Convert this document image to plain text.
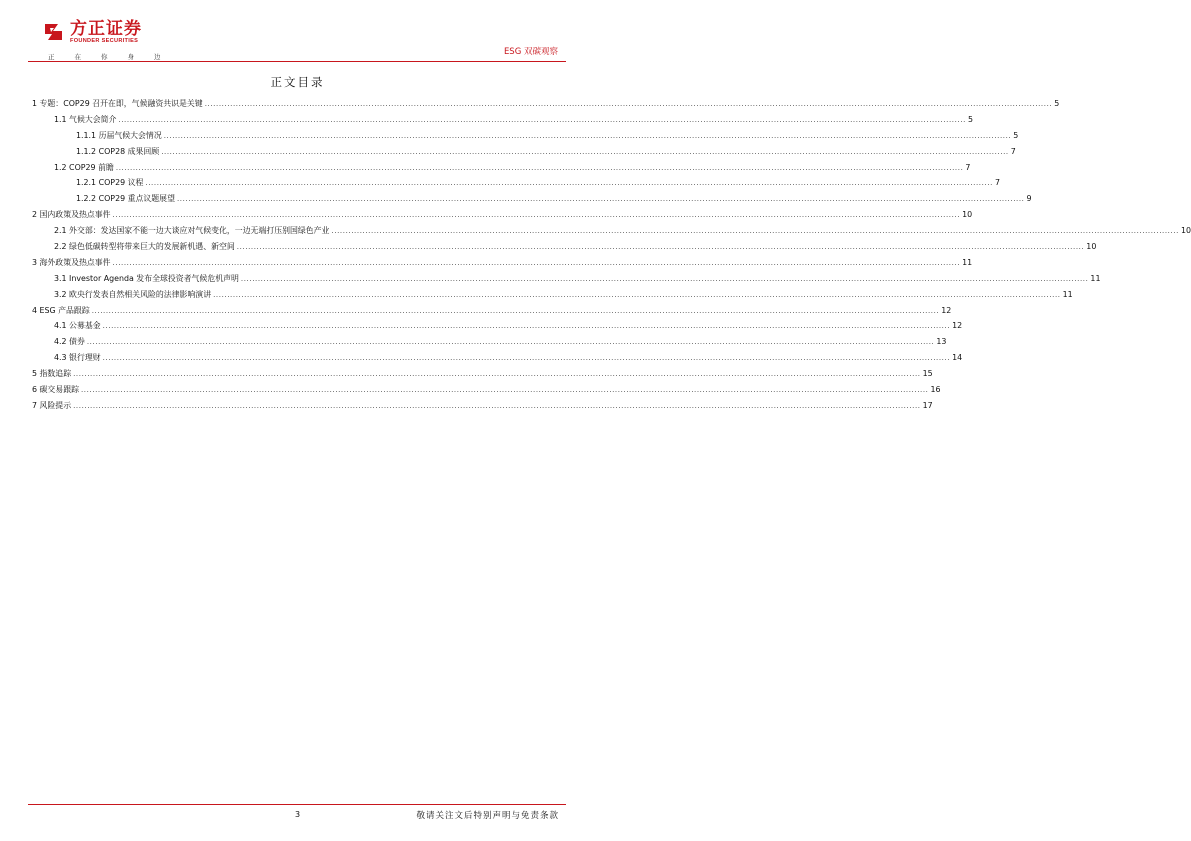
方正证券
FOUNDER SECURITIES
正	在	你	身	边	ESG 双碳观察
正文目录
1 专题：COP29 召开在即，气候融资共识是关键 ............................................................................................................................................................................................................................................................................................................ 5
1.1 气候大会简介 ............................................................................................................................................................................................................................................................................................................ 5
1.1.1 历届气候大会情况 ............................................................................................................................................................................................................................................................................................................ 5
1.1.2 COP28 成果回顾 ............................................................................................................................................................................................................................................................................................................ 7
1.2 COP29 前瞻 ............................................................................................................................................................................................................................................................................................................ 7
1.2.1 COP29 议程 ............................................................................................................................................................................................................................................................................................................ 7
1.2.2 COP29 重点议题展望 ............................................................................................................................................................................................................................................................................................................ 9
2 国内政策及热点事件 ............................................................................................................................................................................................................................................................................................................ 10
2.1 外交部：发达国家不能一边大谈应对气候变化，一边无端打压别国绿色产业 ............................................................................................................................................................................................................................................................................................................ 10
2.2 绿色低碳转型将带来巨大的发展新机遇、新空间 ............................................................................................................................................................................................................................................................................................................ 10
3 海外政策及热点事件 ............................................................................................................................................................................................................................................................................................................ 11
3.1 Investor Agenda 发布全球投资者气候危机声明 ............................................................................................................................................................................................................................................................................................................ 11
3.2 欧央行发表自然相关风险的法律影响演讲 ............................................................................................................................................................................................................................................................................................................ 11
4 ESG 产品跟踪 ............................................................................................................................................................................................................................................................................................................ 12
4.1 公募基金 ............................................................................................................................................................................................................................................................................................................ 12
4.2 债券 ............................................................................................................................................................................................................................................................................................................ 13
4.3 银行理财 ............................................................................................................................................................................................................................................................................................................ 14
5 指数追踪 ............................................................................................................................................................................................................................................................................................................ 15
6 碳交易跟踪 ............................................................................................................................................................................................................................................................................................................ 16
7 风险提示 ............................................................................................................................................................................................................................................................................................................ 17
3	敬请关注文后特别声明与免责条款
